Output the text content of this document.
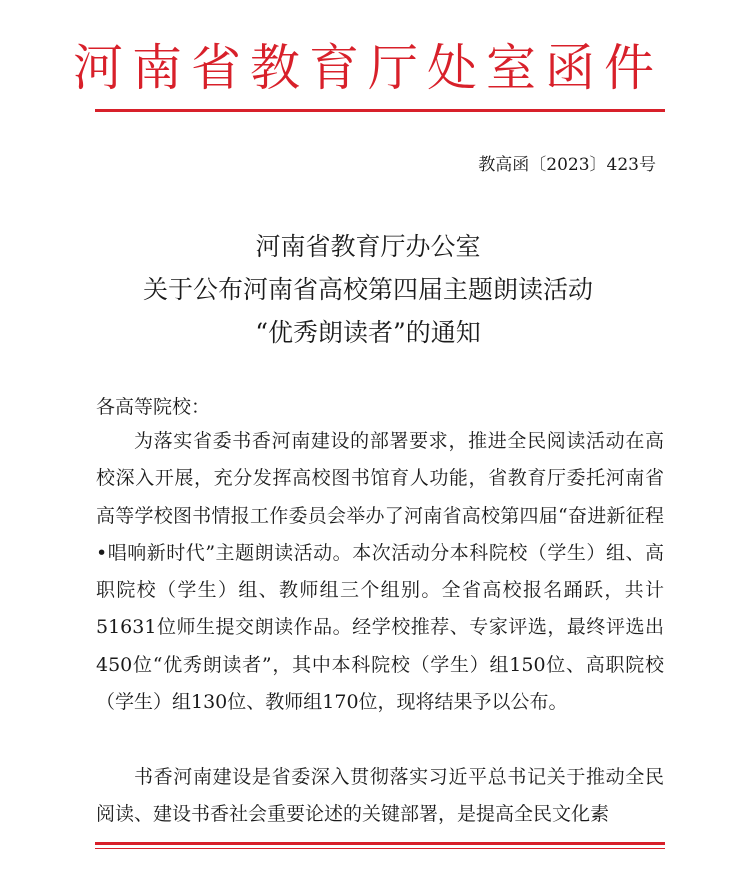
河南省教育厅处室函件
教高函〔2023〕423号
河南省教育厅办公室
关于公布河南省高校第四届主题朗读活动
“优秀朗读者”的通知
各高等院校：

为落实省委书香河南建设的部署要求，推进全民阅读活动在高校深入开展，充分发挥高校图书馆育人功能，省教育厅委托河南省高等学校图书情报工作委员会举办了河南省高校第四届“奋进新征程•唱响新时代”主题朗读活动。本次活动分本科院校（学生）组、高职院校（学生）组、教师组三个组别。全省高校报名踊跃，共计51631位师生提交朗读作品。经学校推荐、专家评选，最终评选出450位“优秀朗读者”，其中本科院校（学生）组150位、高职院校（学生）组130位、教师组170位，现将结果予以公布。

书香河南建设是省委深入贯彻落实习近平总书记关于推动全民阅读、建设书香社会重要论述的关键部署，是提高全民文化素
